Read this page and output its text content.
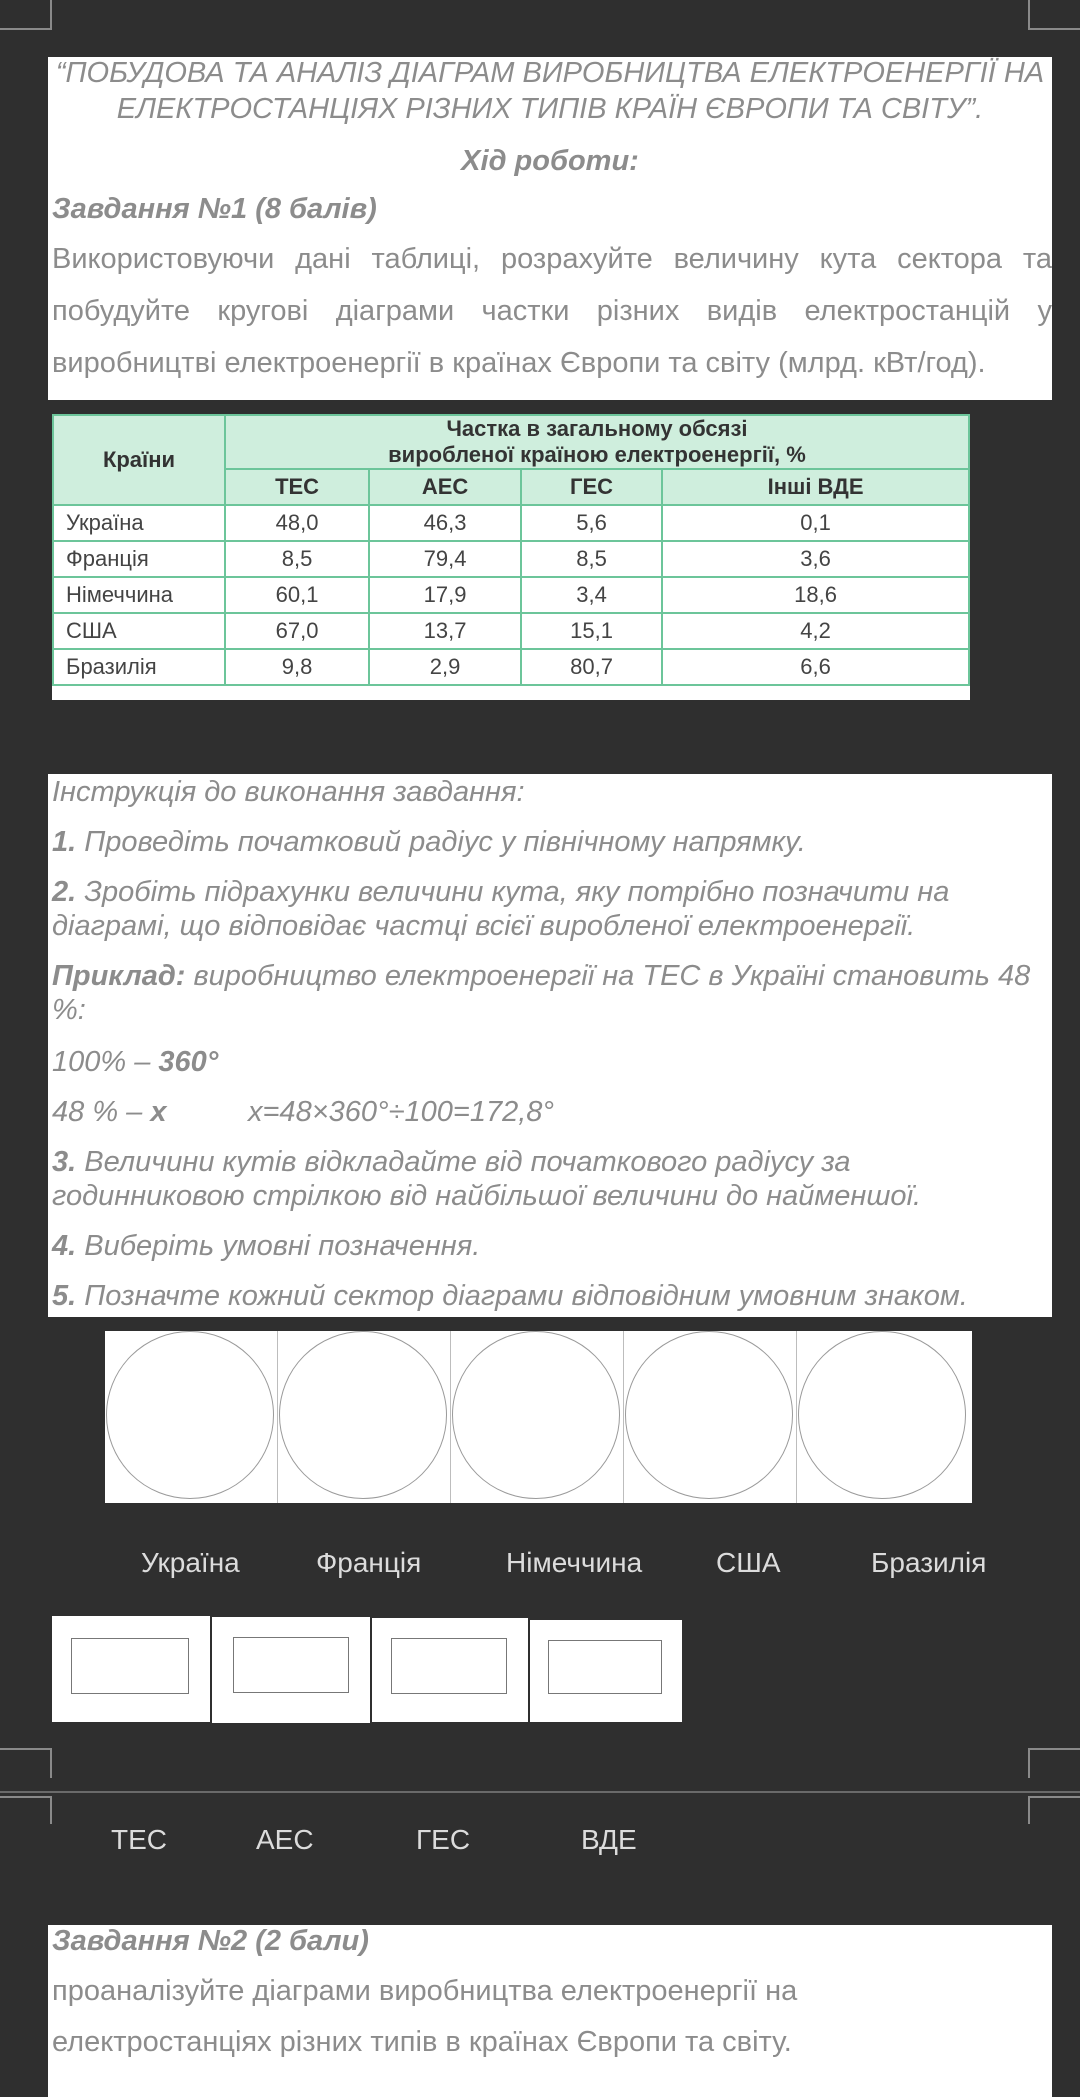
“ПОБУДОВА ТА АНАЛІЗ ДІАГРАМ ВИРОБНИЦТВА ЕЛЕКТРОЕНЕРГІЇ НА
ЕЛЕКТРОСТАНЦІЯХ РІЗНИХ ТИПІВ КРАЇН ЄВРОПИ ТА СВІТУ”.
Хід роботи:
Завдання №1 (8 балів)
Використовуючи дані таблиці, розрахуйте величину кута сектора та
побудуйте кругові діаграми частки різних видів електростанцій у
виробництві електроенергії в країнах Європи та світу (млрд. кВт/год).
Країни	Частка в загальному обсязі
виробленої країною електроенергії, %			
	ТЕС	АЕС	ГЕС	Інші ВДЕ
Україна	48,0	46,3	5,6	0,1
Франція	8,5	79,4	8,5	3,6
Німеччина	60,1	17,9	3,4	18,6
США	67,0	13,7	15,1	4,2
Бразилія	9,8	2,9	80,7	6,6
Інструкція до виконання завдання:
1. Проведіть початковий радіус у північному напрямку.
2. Зробіть підрахунки величини кута, яку потрібно позначити на
діаграмі, що відповідає частці всієї виробленої електроенергії.
Приклад: виробництво електроенергії на ТЕС в Україні становить 48
%:
100% – 360°
48 % – x	x=48×360°÷100=172,8°
3. Величини кутів відкладайте від початкового радіусу за
годинниковою стрілкою від найбільшої величини до найменшої.
4. Виберіть умовні позначення.
5. Позначте кожний сектор діаграми відповідним умовним знаком.
Україна	Франція	Німеччина	США	Бразилія
ТЕС	АЕС	ГЕС	ВДЕ
Завдання №2 (2 бали)
проаналізуйте діаграми виробництва електроенергії на
електростанціях різних типів в країнах Європи та світу.
